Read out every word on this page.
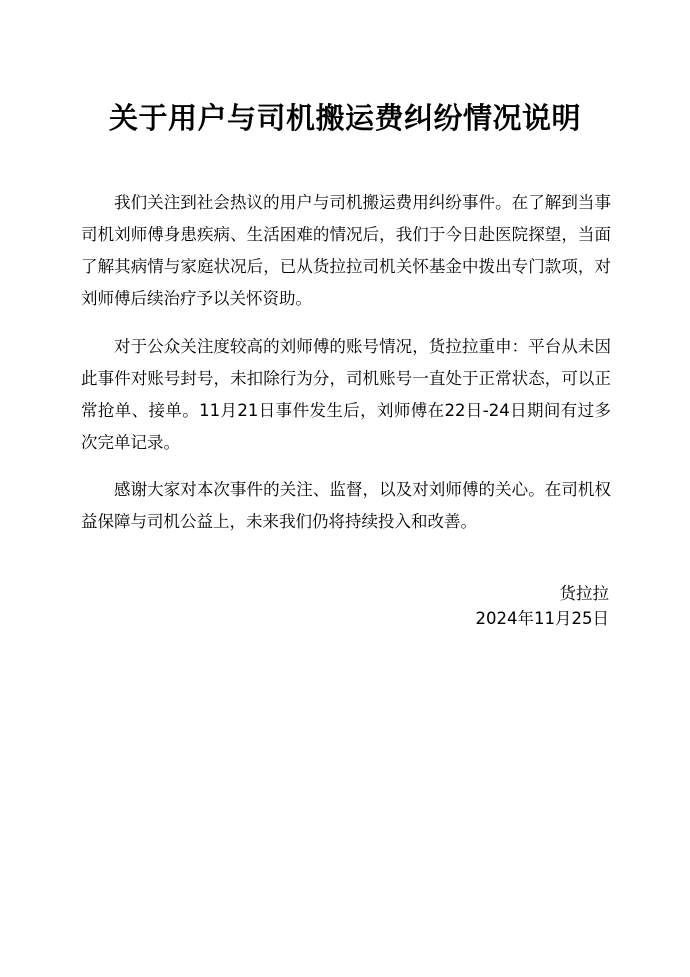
关于用户与司机搬运费纠纷情况说明

我们关注到社会热议的用户与司机搬运费用纠纷事件。在了解到当事司机刘师傅身患疾病、生活困难的情况后，我们于今日赴医院探望，当面了解其病情与家庭状况后，已从货拉拉司机关怀基金中拨出专门款项，对刘师傅后续治疗予以关怀资助。

对于公众关注度较高的刘师傅的账号情况，货拉拉重申：平台从未因此事件对账号封号，未扣除行为分，司机账号一直处于正常状态，可以正常抢单、接单。11月21日事件发生后，刘师傅在22日-24日期间有过多次完单记录。

感谢大家对本次事件的关注、监督，以及对刘师傅的关心。在司机权益保障与司机公益上，未来我们仍将持续投入和改善。

货拉拉
2024年11月25日
